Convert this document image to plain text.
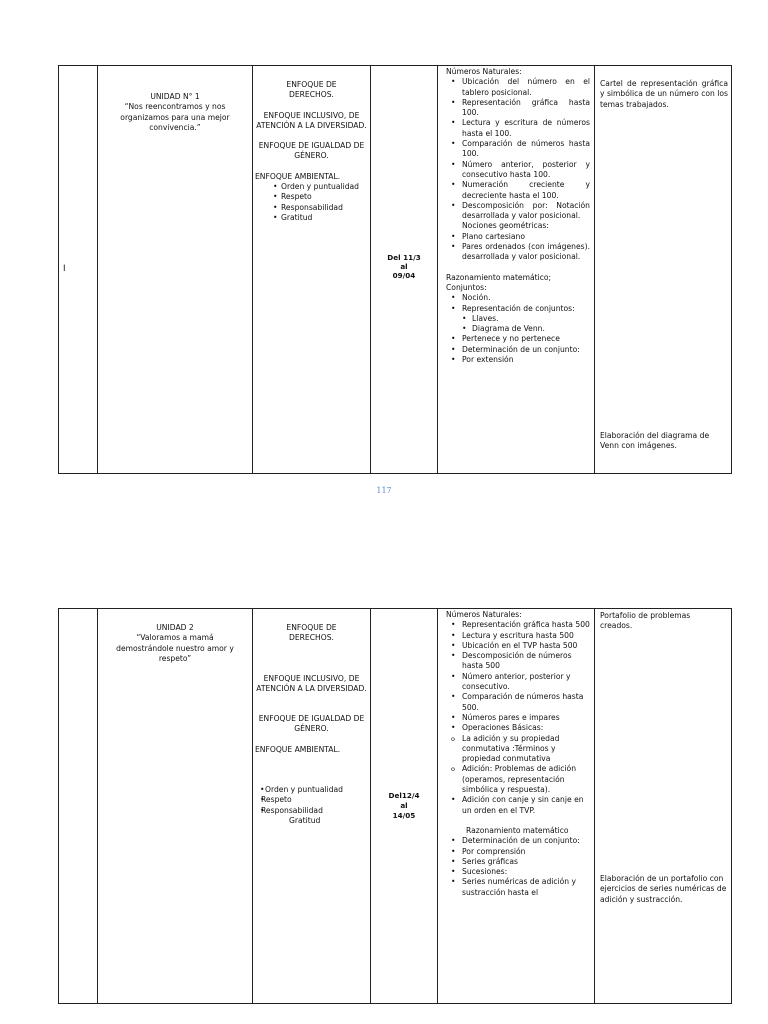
I
UNIDAD N° 1
“Nos reencontramos y nos organizamos para una mejor convivencia.”
ENFOQUE DE DERECHOS.
ENFOQUE INCLUSIVO, DE ATENCIÓN A LA DIVERSIDAD.
ENFOQUE DE IGUALDAD DE GÉNERO.
ENFOQUE AMBIENTAL.
• Orden y puntualidad
• Respeto
• Responsabilidad
• Gratitud
Del 11/3
al
09/04
Números Naturales:
• Ubicación del número en el tablero posicional.
• Representación gráfica hasta 100.
• Lectura y escritura de números hasta el 100.
• Comparación de números hasta 100.
• Número anterior, posterior y consecutivo hasta 100.
• Numeración creciente y decreciente hasta el 100.
• Descomposición por: Notación desarrollada y valor posicional.
Nociones geométricas:
• Plano cartesiano
• Pares ordenados (con imágenes). desarrollada y valor posicional.
Razonamiento matemático;
Conjuntos:
• Noción.
• Representación de conjuntos:
• Llaves.
• Diagrama de Venn.
• Pertenece y no pertenece
• Determinación de un conjunto:
• Por extensión
Cartel de representación gráfica y simbólica de un número con los temas trabajados.
Elaboración del diagrama de Venn con imágenes.
117
UNIDAD 2
“Valoramos a mamá demostrándole nuestro amor y respeto”
ENFOQUE DE DERECHOS.
ENFOQUE INCLUSIVO, DE ATENCIÓN A LA DIVERSIDAD.
ENFOQUE DE IGUALDAD DE GÉNERO.
ENFOQUE AMBIENTAL.
• Orden y puntualidad
• Respeto
• Responsabilidad
Gratitud
Del12/4
al
14/05
Números Naturales:
• Representación gráfica hasta 500
• Lectura y escritura hasta 500
• Ubicación en el TVP hasta 500
• Descomposición de números hasta 500
• Número anterior, posterior y consecutivo.
• Comparación de números hasta 500.
• Números pares e impares
• Operaciones Básicas:
o La adición y su propiedad conmutativa :Términos y propiedad conmutativa
o Adición: Problemas de adición (operamos, representación simbólica y respuesta).
• Adición con canje y sin canje en un orden en el TVP.
Razonamiento matemático
• Determinación de un conjunto:
• Por comprensión
• Series gráficas
• Sucesiones:
• Series numéricas de adición y sustracción hasta el
Portafolio de problemas creados.
Elaboración de un portafolio con ejercicios de series numéricas de adición y sustracción.
